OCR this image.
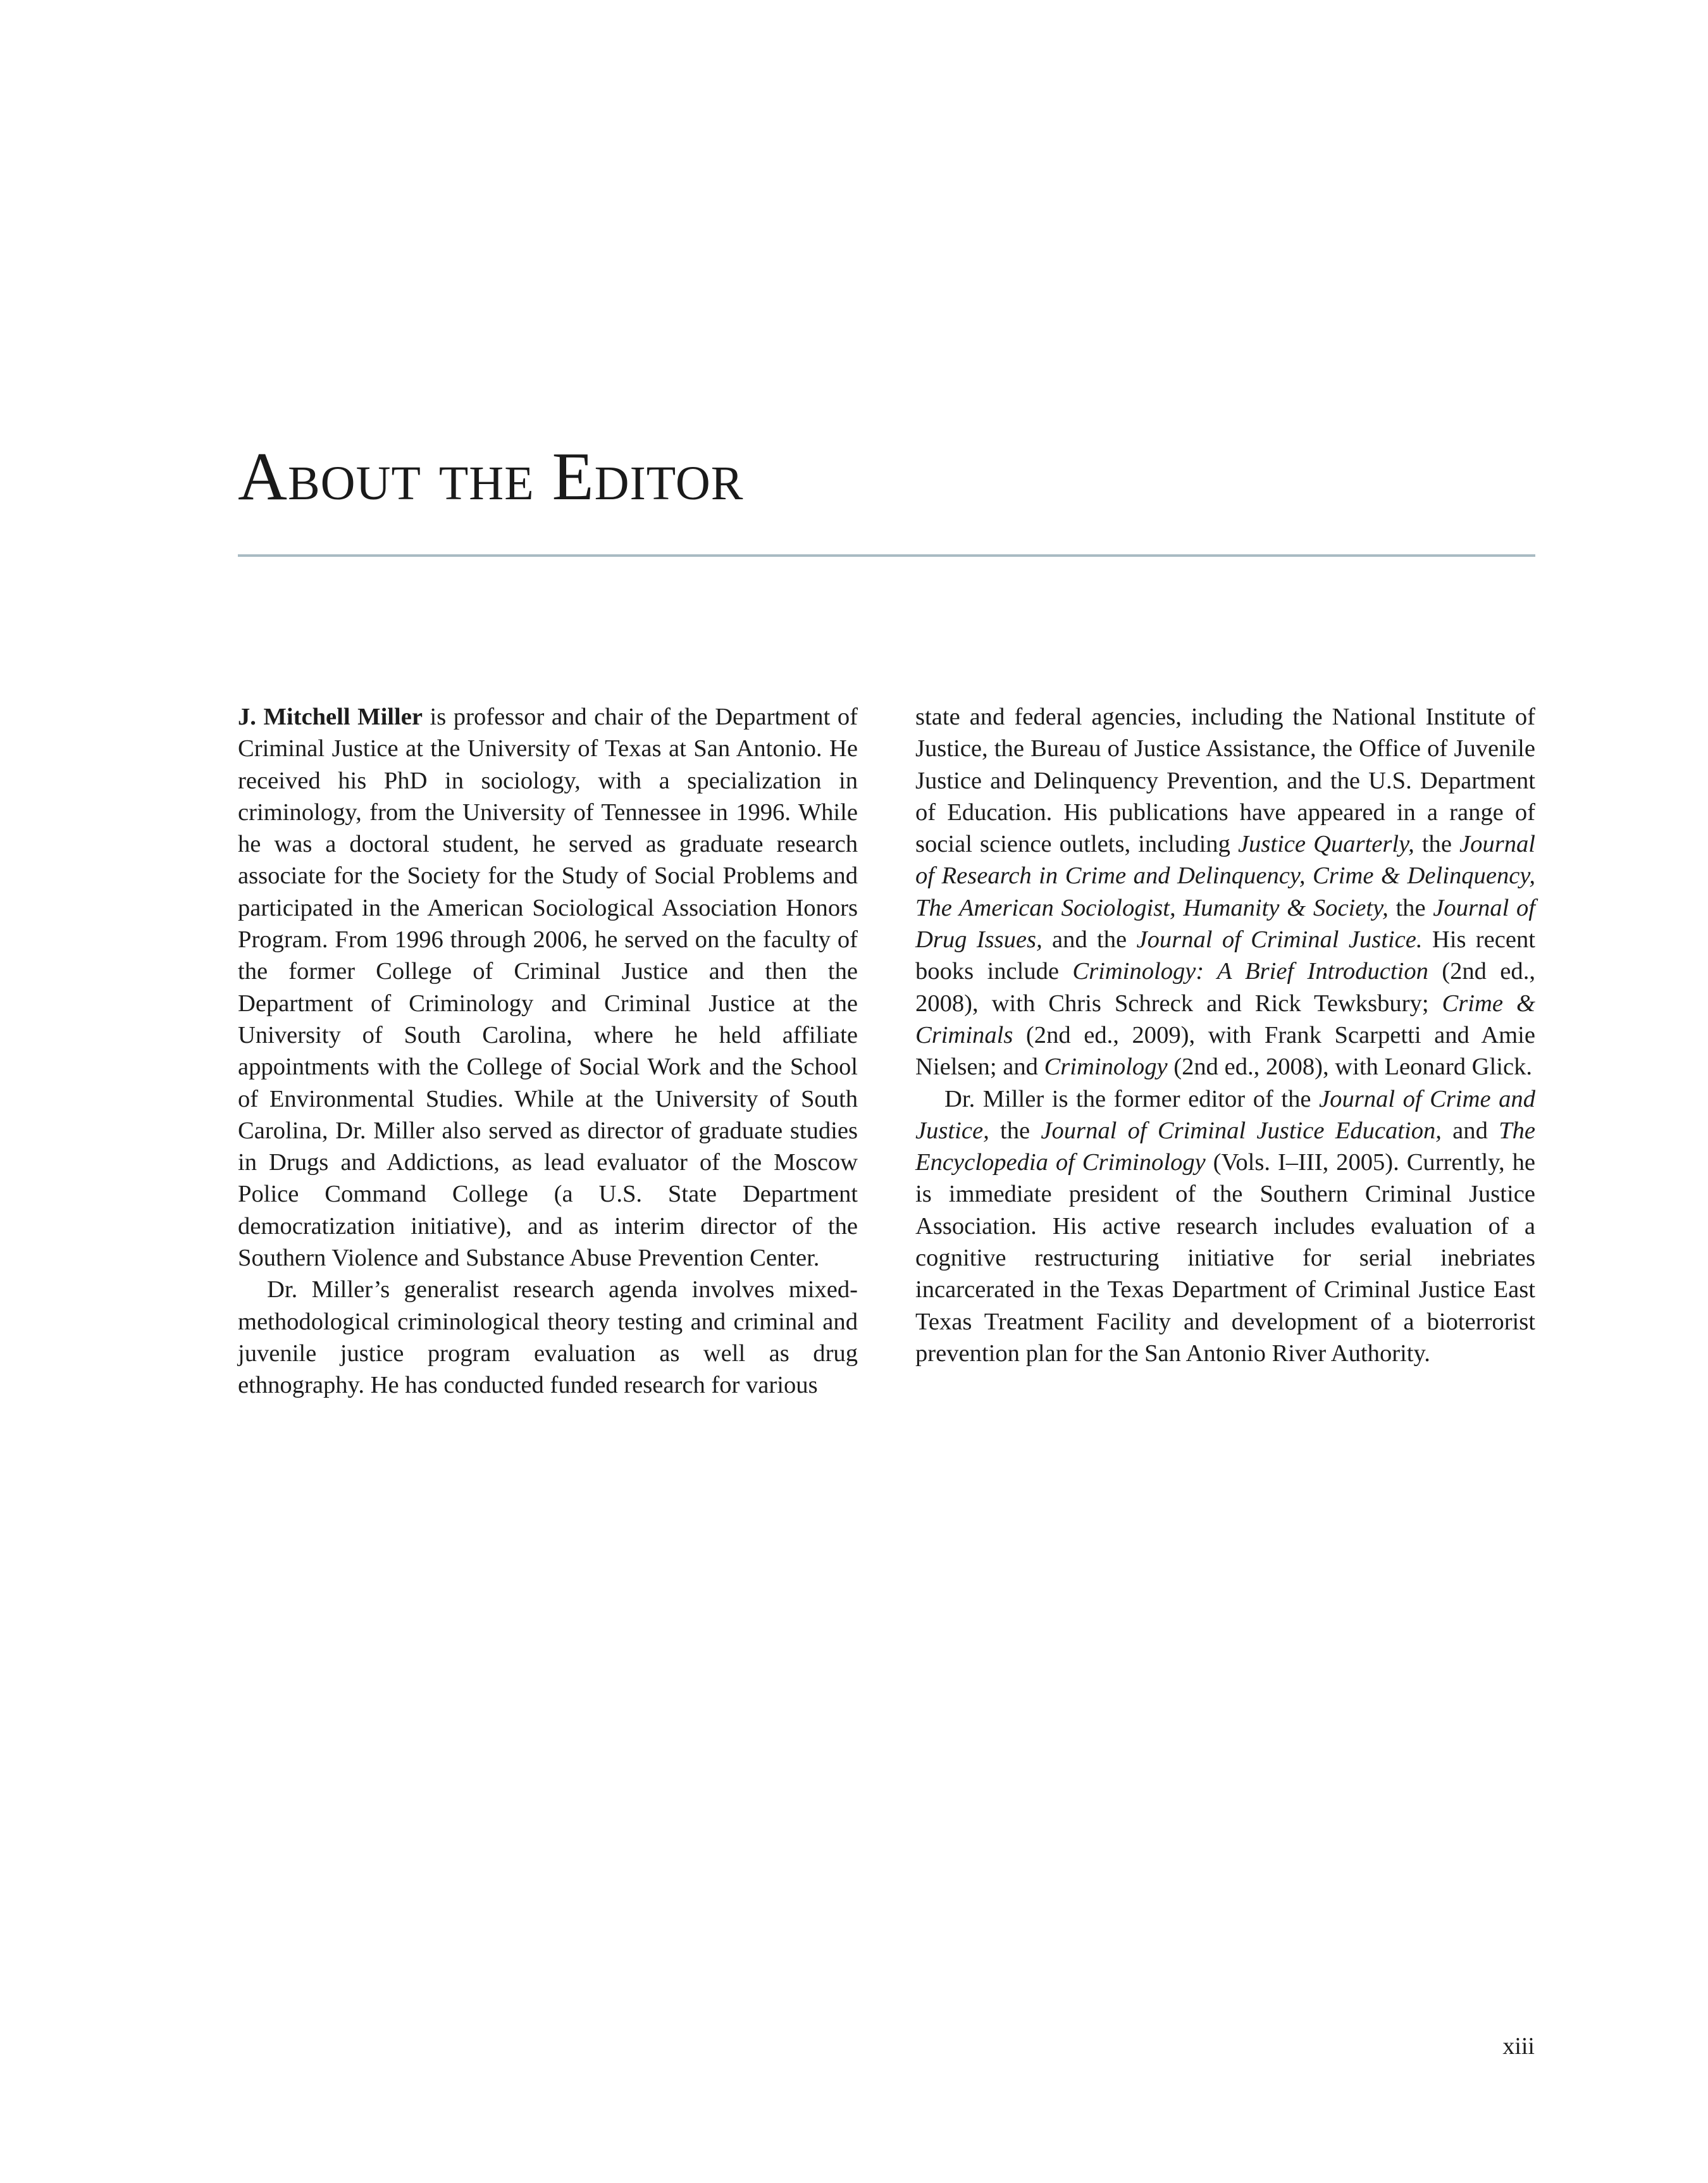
About the Editor

J. Mitchell Miller is professor and chair of the Department of Criminal Justice at the University of Texas at San Antonio. He received his PhD in sociology, with a specialization in criminology, from the University of Tennessee in 1996. While he was a doctoral student, he served as graduate research associate for the Society for the Study of Social Problems and participated in the American Sociological Association Honors Program. From 1996 through 2006, he served on the faculty of the former College of Criminal Justice and then the Department of Criminology and Criminal Justice at the University of South Carolina, where he held affiliate appointments with the College of Social Work and the School of Environmental Studies. While at the University of South Carolina, Dr. Miller also served as director of graduate studies in Drugs and Addictions, as lead evaluator of the Moscow Police Command College (a U.S. State Department democratization initiative), and as interim director of the Southern Violence and Substance Abuse Prevention Center.

Dr. Miller’s generalist research agenda involves mixed-methodological criminological theory testing and criminal and juvenile justice program evaluation as well as drug ethnography. He has conducted funded research for various

state and federal agencies, including the National Institute of Justice, the Bureau of Justice Assistance, the Office of Juvenile Justice and Delinquency Prevention, and the U.S. Department of Education. His publications have appeared in a range of social science outlets, including Justice Quarterly, the Journal of Research in Crime and Delinquency, Crime & Delinquency, The American Sociologist, Humanity & Society, the Journal of Drug Issues, and the Journal of Criminal Justice. His recent books include Criminology: A Brief Introduction (2nd ed., 2008), with Chris Schreck and Rick Tewksbury; Crime & Criminals (2nd ed., 2009), with Frank Scarpetti and Amie Nielsen; and Criminology (2nd ed., 2008), with Leonard Glick.

Dr. Miller is the former editor of the Journal of Crime and Justice, the Journal of Criminal Justice Education, and The Encyclopedia of Criminology (Vols. I–III, 2005). Currently, he is immediate president of the Southern Criminal Justice Association. His active research includes evaluation of a cognitive restructuring initiative for serial inebriates incarcerated in the Texas Department of Criminal Justice East Texas Treatment Facility and development of a bioterrorist prevention plan for the San Antonio River Authority.

xiii
